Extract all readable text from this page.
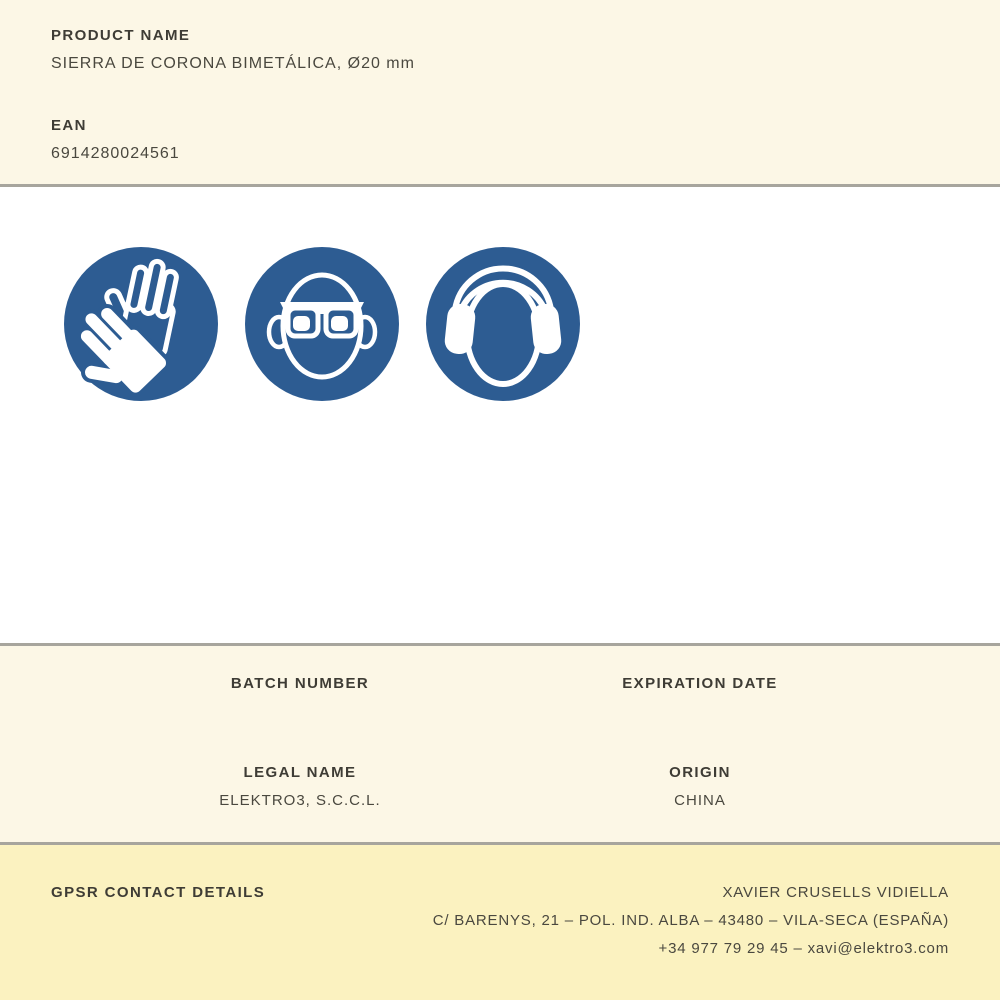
PRODUCT NAME
SIERRA DE CORONA BIMETÁLICA, Ø20 mm
EAN
6914280024561
BATCH NUMBER
LEGAL NAME
ELEKTRO3, S.C.C.L.
EXPIRATION DATE
ORIGIN
CHINA
GPSR CONTACT DETAILS	XAVIER CRUSELLS VIDIELLA
C/ BARENYS, 21 – POL. IND. ALBA – 43480 – VILA-SECA (ESPAÑA)
+34 977 79 29 45 – xavi@elektro3.com
